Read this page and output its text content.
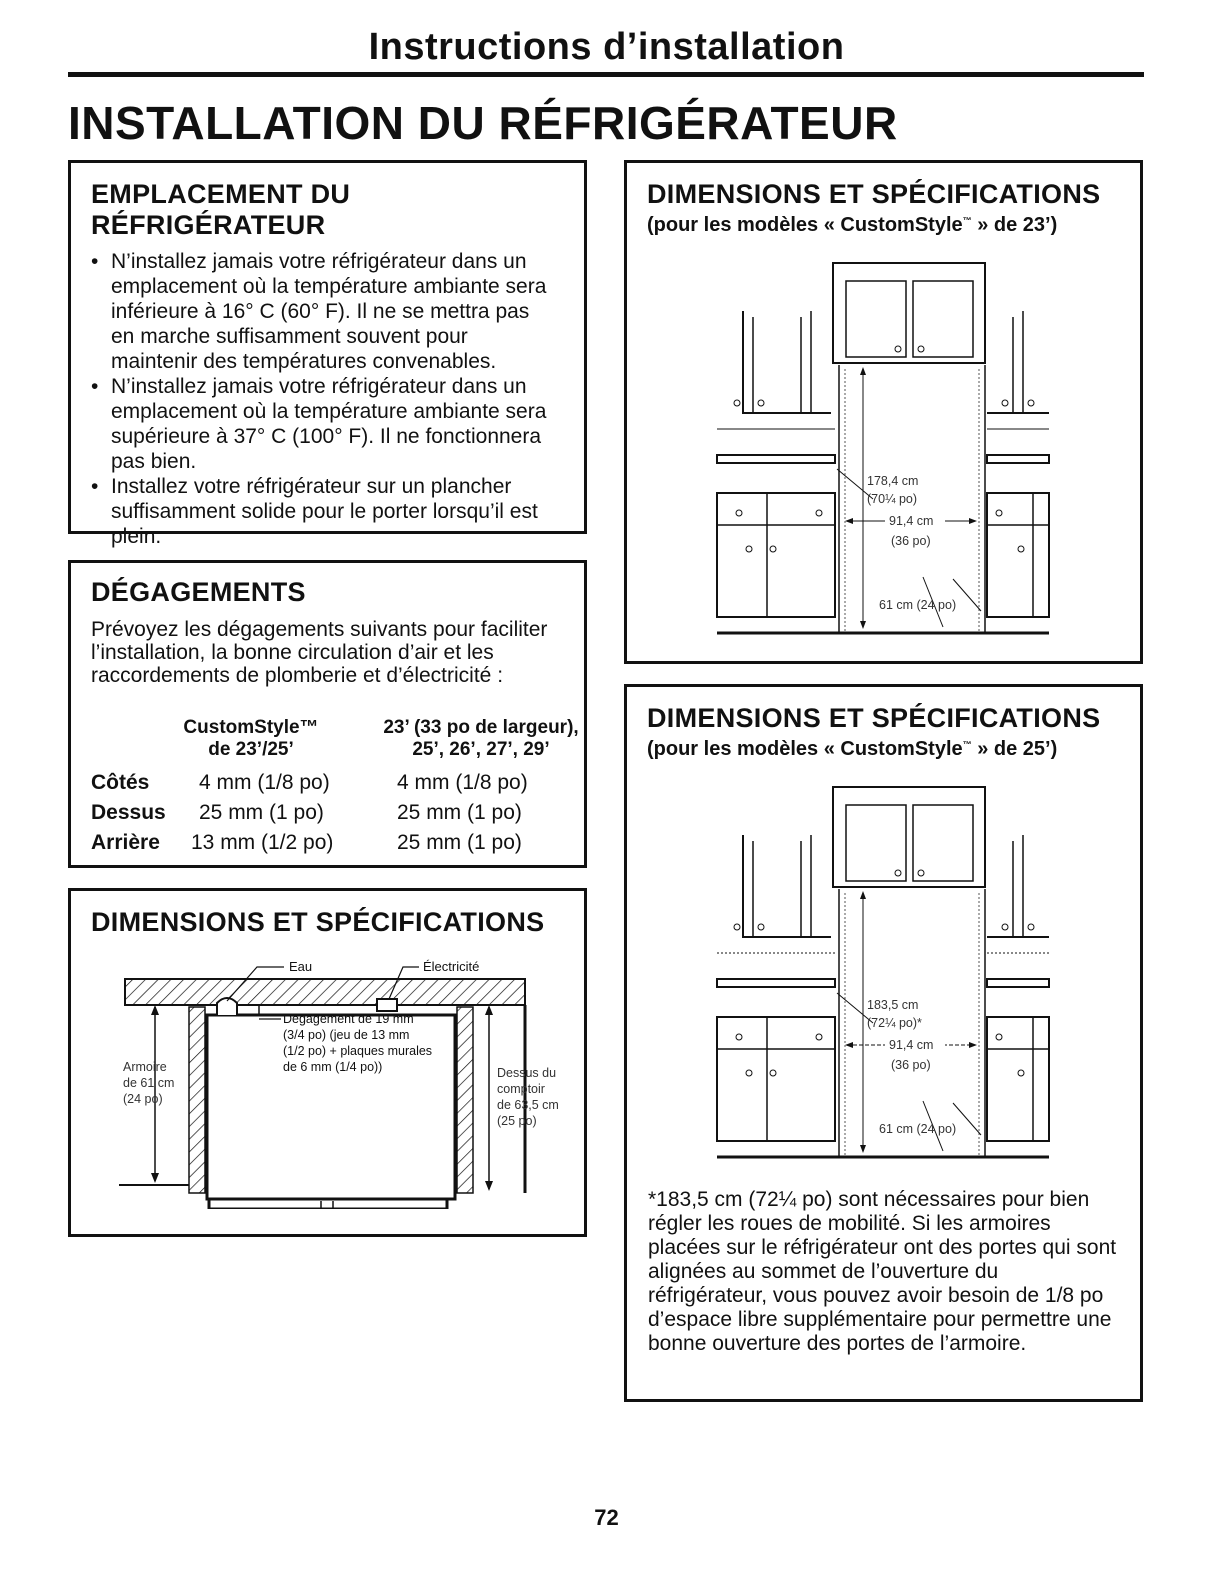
Instructions d’installation
INSTALLATION DU RÉFRIGÉRATEUR
EMPLACEMENT DU RÉFRIGÉRATEUR
• N’installez jamais votre réfrigérateur dans un emplacement où la température ambiante sera inférieure à 16° C (60° F). Il ne se mettra pas en marche suffisamment souvent pour maintenir des températures convenables.
• N’installez jamais votre réfrigérateur dans un emplacement où la température ambiante sera supérieure à 37° C (100° F). Il ne fonctionnera pas bien.
• Installez votre réfrigérateur sur un plancher suffisamment solide pour le porter lorsqu’il est plein.
DÉGAGEMENTS
Prévoyez les dégagements suivants pour faciliter l’installation, la bonne circulation d’air et les raccordements de plomberie et d’électricité :
CustomStyle™
de 23’/25’
23’ (33 po de largeur),
25’, 26’, 27’, 29’
Côtés 4 mm (1/8 po)	4 mm (1/8 po)
Dessus 25 mm (1 po)	25 mm (1 po)
Arrière 13 mm (1/2 po)	25 mm (1 po)
DIMENSIONS ET SPÉCIFICATIONS
Eau	Électricité
Dégagement de 19 mm (3/4 po) (jeu de 13 mm (1/2 po) + plaques murales de 6 mm (1/4 po))
Armoire de 61 cm (24 po)
Dessus du comptoir de 63,5 cm (25 po)
DIMENSIONS ET SPÉCIFICATIONS
(pour les modèles « CustomStyle™ » de 23’)
178,4 cm (70¼ po)
91,4 cm (36 po)
61 cm (24 po)
DIMENSIONS ET SPÉCIFICATIONS
(pour les modèles « CustomStyle™ » de 25’)
183,5 cm (72¼ po)*
91,4 cm (36 po)
61 cm (24 po)
*183,5 cm (72¼ po) sont nécessaires pour bien régler les roues de mobilité. Si les armoires placées sur le réfrigérateur ont des portes qui sont alignées au sommet de l’ouverture du réfrigérateur, vous pouvez avoir besoin de 1/8 po d’espace libre supplémentaire pour permettre une bonne ouverture des portes de l’armoire.
72
